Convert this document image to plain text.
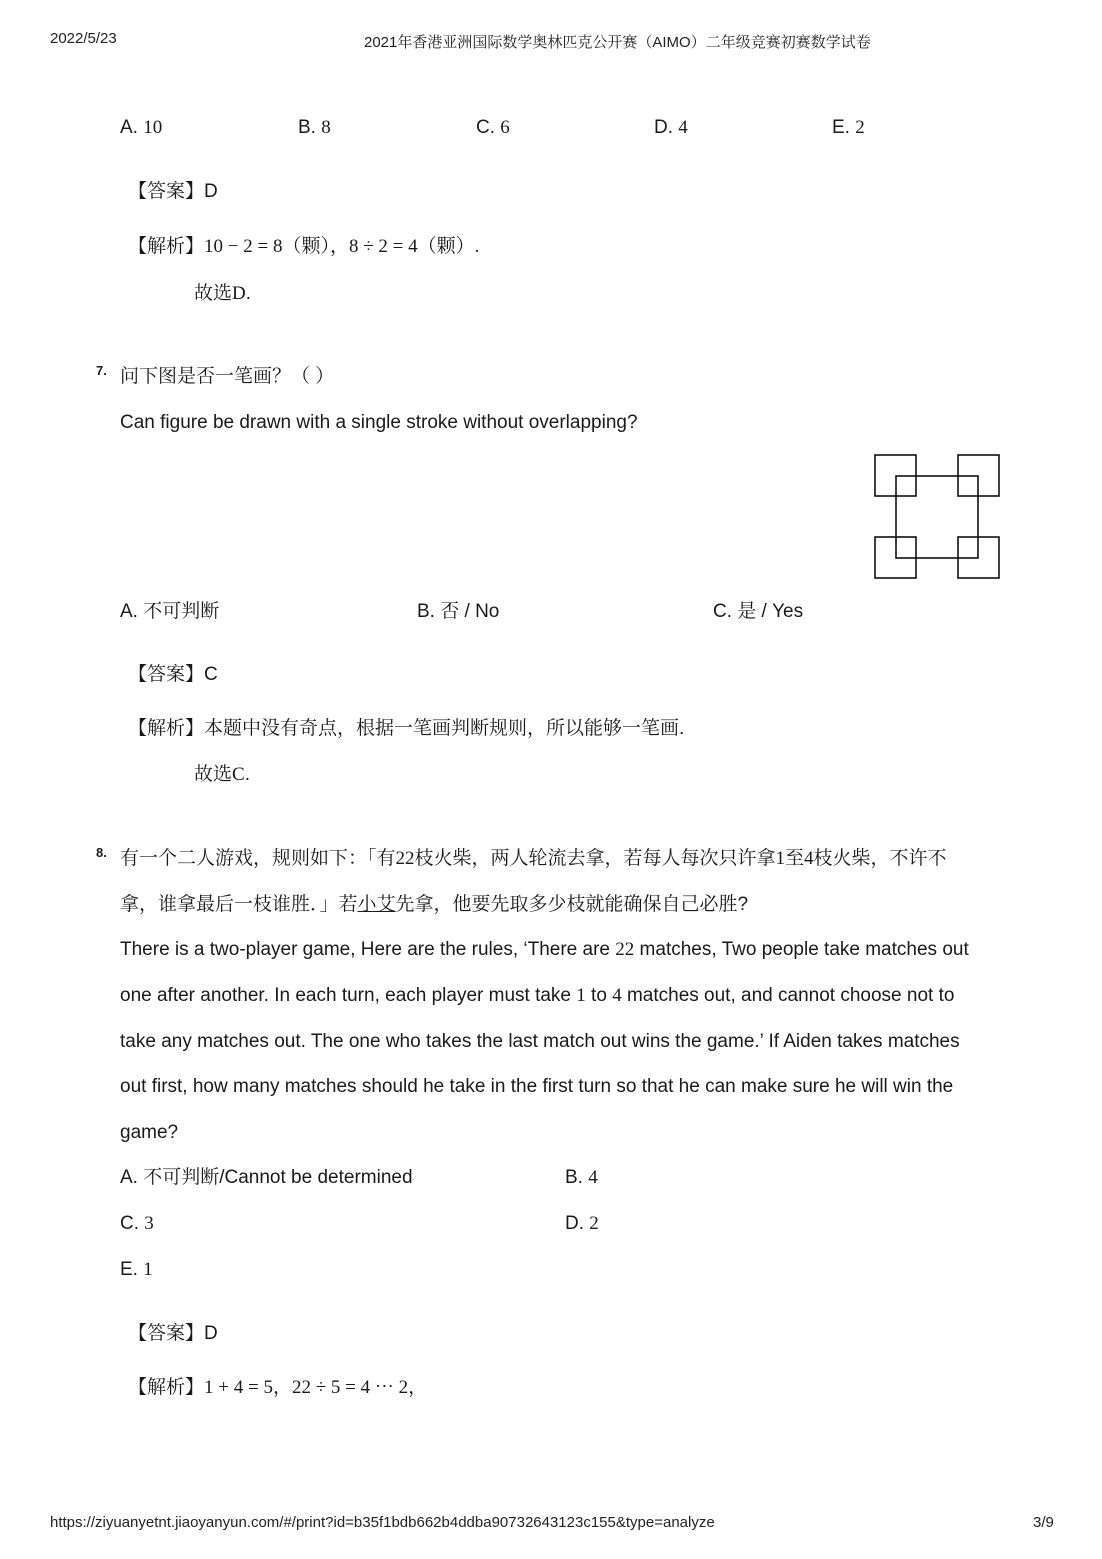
2022/5/23	2021年香港亚洲国际数学奥林匹克公开赛（AIMO）二年级竞赛初赛数学试卷
A. 10	B. 8	C. 6	D. 4	E. 2
【答案】D
【解析】10 − 2 = 8（颗），8 ÷ 2 = 4（颗）.
故选D.
7. 问下图是否一笔画？（ ）
Can figure be drawn with a single stroke without overlapping?
A. 不可判断	B. 否 / No	C. 是 / Yes
【答案】C
【解析】本题中没有奇点，根据一笔画判断规则，所以能够一笔画.
故选C.
8. 有一个二人游戏，规则如下：「有22枝火柴，两人轮流去拿，若每人每次只许拿1至4枝火柴，不许不
拿，谁拿最后一枝谁胜．」若小艾先拿，他要先取多少枝就能确保自己必胜?
There is a two-player game, Here are the rules, ‘There are 22 matches, Two people take matches out
one after another. In each turn, each player must take 1 to 4 matches out, and cannot choose not to
take any matches out. The one who takes the last match out wins the game.’ If Aiden takes matches
out first, how many matches should he take in the first turn so that he can make sure he will win the
game?
A. 不可判断/Cannot be determined	B. 4
C. 3	D. 2
E. 1
【答案】D
【解析】1 + 4 = 5，22 ÷ 5 = 4 ⋯ 2，
https://ziyuanyetnt.jiaoyanyun.com/#/print?id=b35f1bdb662b4ddba90732643123c155&type=analyze	3/9
